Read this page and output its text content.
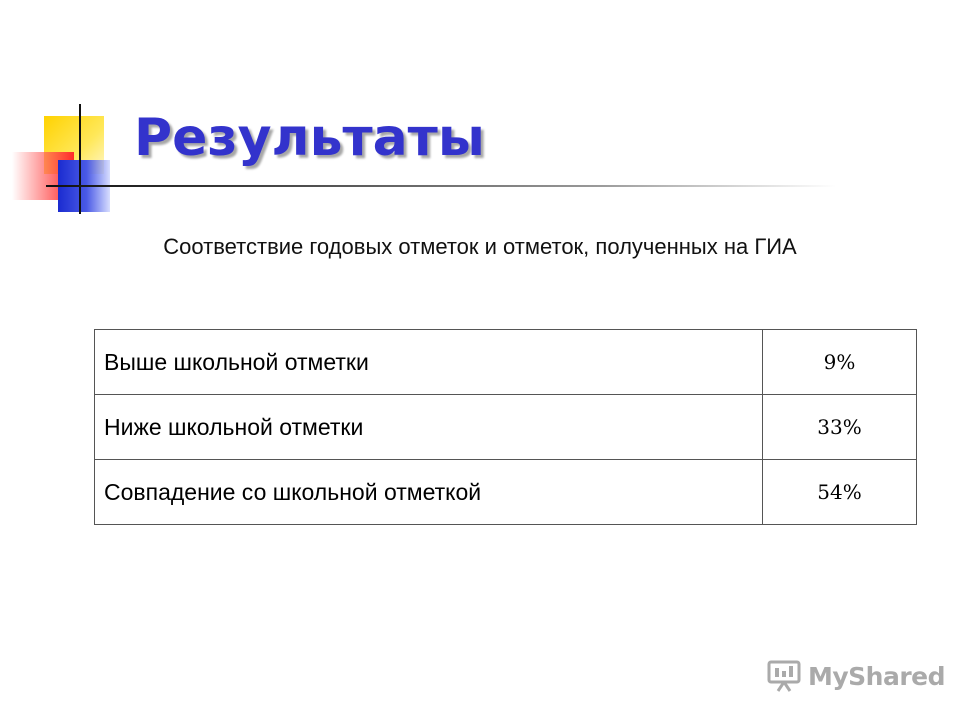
Результаты

Соответствие годовых отметок и отметок, полученных на ГИА

Выше школьной отметки	9%
Ниже школьной отметки	33%
Совпадение со школьной отметкой	54%
MyShared
